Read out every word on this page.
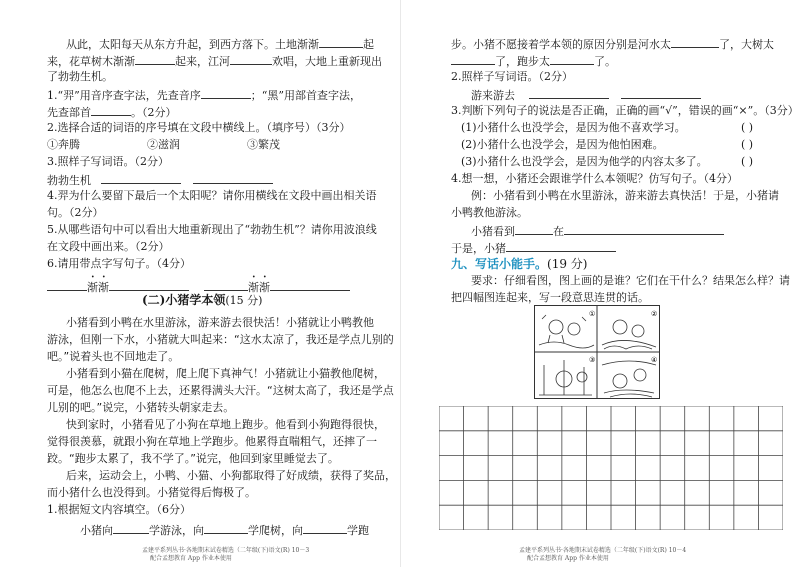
从此，太阳每天从东方升起，到西方落下。土地渐渐	起
来，花草树木渐渐	起来，江河	欢唱，大地上重新现出
了勃勃生机。
1.“羿”用音序查字法，先查音序	；“黑”用部首查字法，
先查部首	。（2分）
2.选择合适的词语的序号填在文段中横线上。（填序号）（3分）
①奔腾	②滋润	③繁茂
3.照样子写词语。（2分）
勃勃生机
4.羿为什么要留下最后一个太阳呢？请你用横线在文段中画出相关语
句。（2分）
5.从哪些语句中可以看出大地重新现出了“勃勃生机”？请你用波浪线
在文段中画出来。（2分）
6.请用带点字写句子。（4分）
渐渐	渐渐
(二)小猪学本领(15 分)
小猪看到小鸭在水里游泳，游来游去很快活！小猪就让小鸭教他
游泳，但刚一下水，小猪就大叫起来：“这水太凉了，我还是学点儿别的
吧。”说着头也不回地走了。
小猪看到小猫在爬树，爬上爬下真神气！小猪就让小猫教他爬树，
可是，他怎么也爬不上去，还累得满头大汗。“这树太高了，我还是学点
儿别的吧。”说完，小猪转头朝家走去。
快到家时，小猪看见了小狗在草地上跑步。他看到小狗跑得很快，
觉得很羡慕，就跟小狗在草地上学跑步。他累得直喘粗气，还摔了一
跤。“跑步太累了，我不学了。”说完，他回到家里睡觉去了。
后来，运动会上，小鸭、小猫、小狗都取得了好成绩，获得了奖品，
而小猪什么也没得到。小猪觉得后悔极了。
1.根据短文内容填空。（6分）
小猪向	学游泳，向	学爬树，向	学跑
孟建平系列丛书·各地期末试卷精选（二年级(下)语文(R) 10－3
配合孟想教育 App 作业本使用
步。小猪不愿接着学本领的原因分别是河水太	了，大树太
了，跑步太	了。
2.照样子写词语。（2分）
游来游去
3.判断下列句子的说法是否正确，正确的画“√”，错误的画“×”。（3分）
(1)小猪什么也没学会，是因为他不喜欢学习。	( )
(2)小猪什么也没学会，是因为他怕困难。	( )
(3)小猪什么也没学会，是因为他学的内容太多了。	( )
4.想一想，小猪还会跟谁学什么本领呢？仿写句子。（4分）
例：小猪看到小鸭在水里游泳，游来游去真快活！于是，小猪请
小鸭教他游泳。
小猪看到	在
于是，小猪
九、写话小能手。(19 分)
要求：仔细看图，图上画的是谁？它们在干什么？结果怎么样？请
把四幅图连起来，写一段意思连贯的话。
①	②
③	④
孟建平系列丛书·各地期末试卷精选（二年级(下)语文(R) 10－4
配合孟想教育 App 作业本使用
